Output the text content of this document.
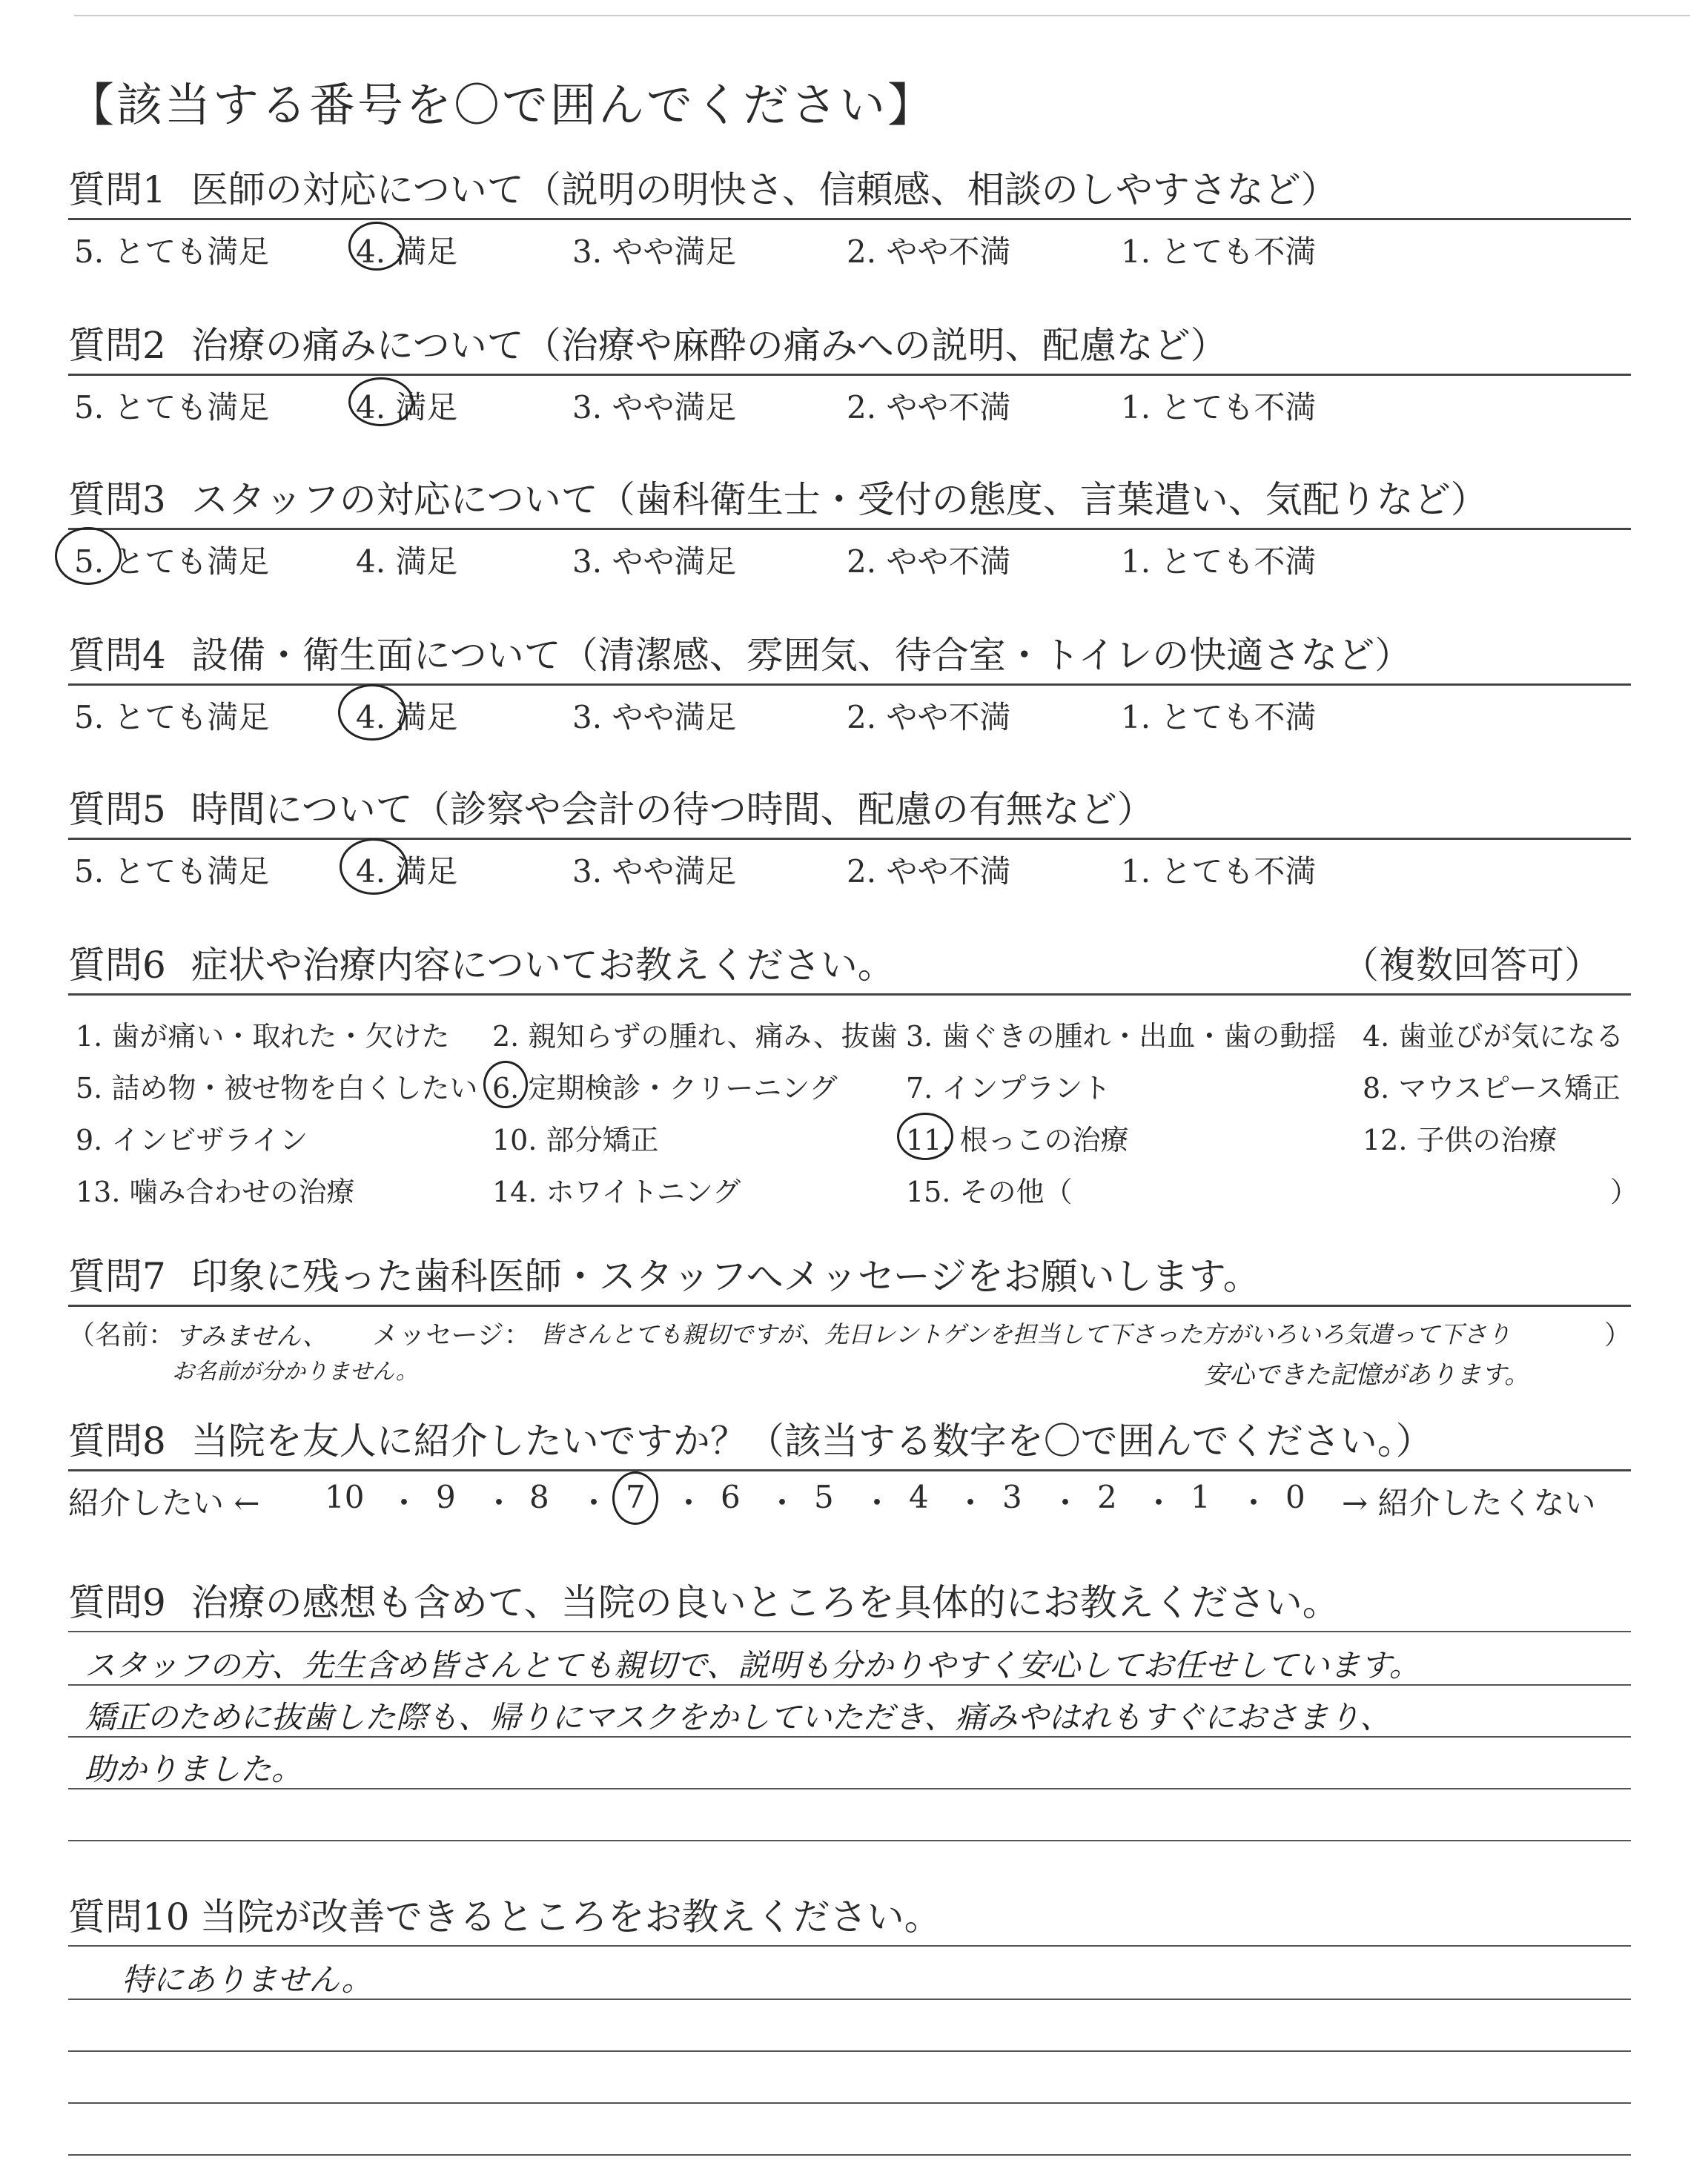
【該当する番号を〇で囲んでください】
質問1 医師の対応について（説明の明快さ、信頼感、相談のしやすさなど）
5. とても満足	4. 満足	3. やや満足	2. やや不満	1. とても不満
質問2 治療の痛みについて（治療や麻酔の痛みへの説明、配慮など）
5. とても満足	4. 満足	3. やや満足	2. やや不満	1. とても不満
質問3 スタッフの対応について（歯科衛生士・受付の態度、言葉遣い、気配りなど）
5. とても満足	4. 満足	3. やや満足	2. やや不満	1. とても不満
質問4 設備・衛生面について（清潔感、雰囲気、待合室・トイレの快適さなど）
5. とても満足	4. 満足	3. やや満足	2. やや不満	1. とても不満
質問5 時間について（診察や会計の待つ時間、配慮の有無など）
5. とても満足	4. 満足	3. やや満足	2. やや不満	1. とても不満
質問6 症状や治療内容についてお教えください。	（複数回答可）
1. 歯が痛い・取れた・欠けた 2. 親知らずの腫れ、痛み、抜歯 3. 歯ぐきの腫れ・出血・歯の動揺 4. 歯並びが気になる
5. 詰め物・被せ物を白くしたい 6. 定期検診・クリーニング 7. インプラント	8. マウスピース矯正
9. インビザライン	10. 部分矯正	11. 根っこの治療	12. 子供の治療
13. 噛み合わせの治療	14. ホワイトニング	15. その他（	）
質問7 印象に残った歯科医師・スタッフへメッセージをお願いします。
（名前： すみません、
お名前が分かりません。
メッセージ： 皆さんとても親切ですが、先日レントゲンを担当して下さった方がいろいろ気遣って下さり
安心できた記憶があります。
）
質問8 当院を友人に紹介したいですか？（該当する数字を〇で囲んでください。）
紹介したい ← 10 ・ 9 ・ 8 ・ 7 ・ 6 ・ 5 ・ 4 ・ 3 ・ 2 ・ 1 ・ 0 → 紹介したくない
質問9 治療の感想も含めて、当院の良いところを具体的にお教えください。
スタッフの方、先生含め皆さんとても親切で、説明も分かりやすく安心してお任せしています。
矯正のために抜歯した際も、帰りにマスクをかしていただき、痛みやはれもすぐにおさまり、
助かりました。
質問10 当院が改善できるところをお教えください。
特にありません。
